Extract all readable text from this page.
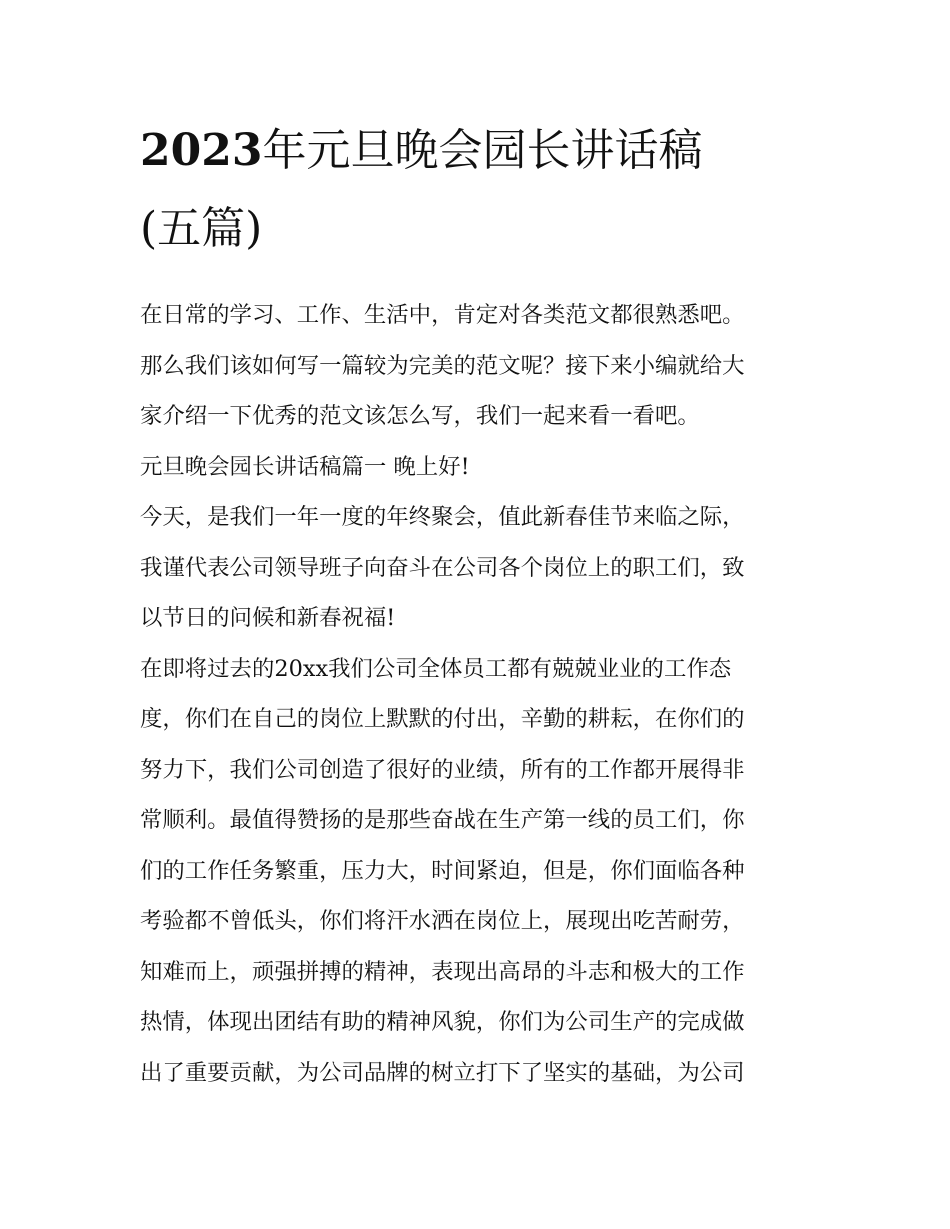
2023年元旦晚会园长讲话稿
(五篇)
在日常的学习、工作、生活中，肯定对各类范文都很熟悉吧。
那么我们该如何写一篇较为完美的范文呢？接下来小编就给大
家介绍一下优秀的范文该怎么写，我们一起来看一看吧。
元旦晚会园长讲话稿篇一 晚上好!
今天，是我们一年一度的年终聚会，值此新春佳节来临之际，
我谨代表公司领导班子向奋斗在公司各个岗位上的职工们，致
以节日的问候和新春祝福!
在即将过去的20xx我们公司全体员工都有兢兢业业的工作态
度，你们在自己的岗位上默默的付出，辛勤的耕耘，在你们的
努力下，我们公司创造了很好的业绩，所有的工作都开展得非
常顺利。最值得赞扬的是那些奋战在生产第一线的员工们，你
们的工作任务繁重，压力大，时间紧迫，但是，你们面临各种
考验都不曾低头，你们将汗水洒在岗位上，展现出吃苦耐劳，
知难而上，顽强拼搏的精神，表现出高昂的斗志和极大的工作
热情，体现出团结有助的精神风貌，你们为公司生产的完成做
出了重要贡献，为公司品牌的树立打下了坚实的基础，为公司
